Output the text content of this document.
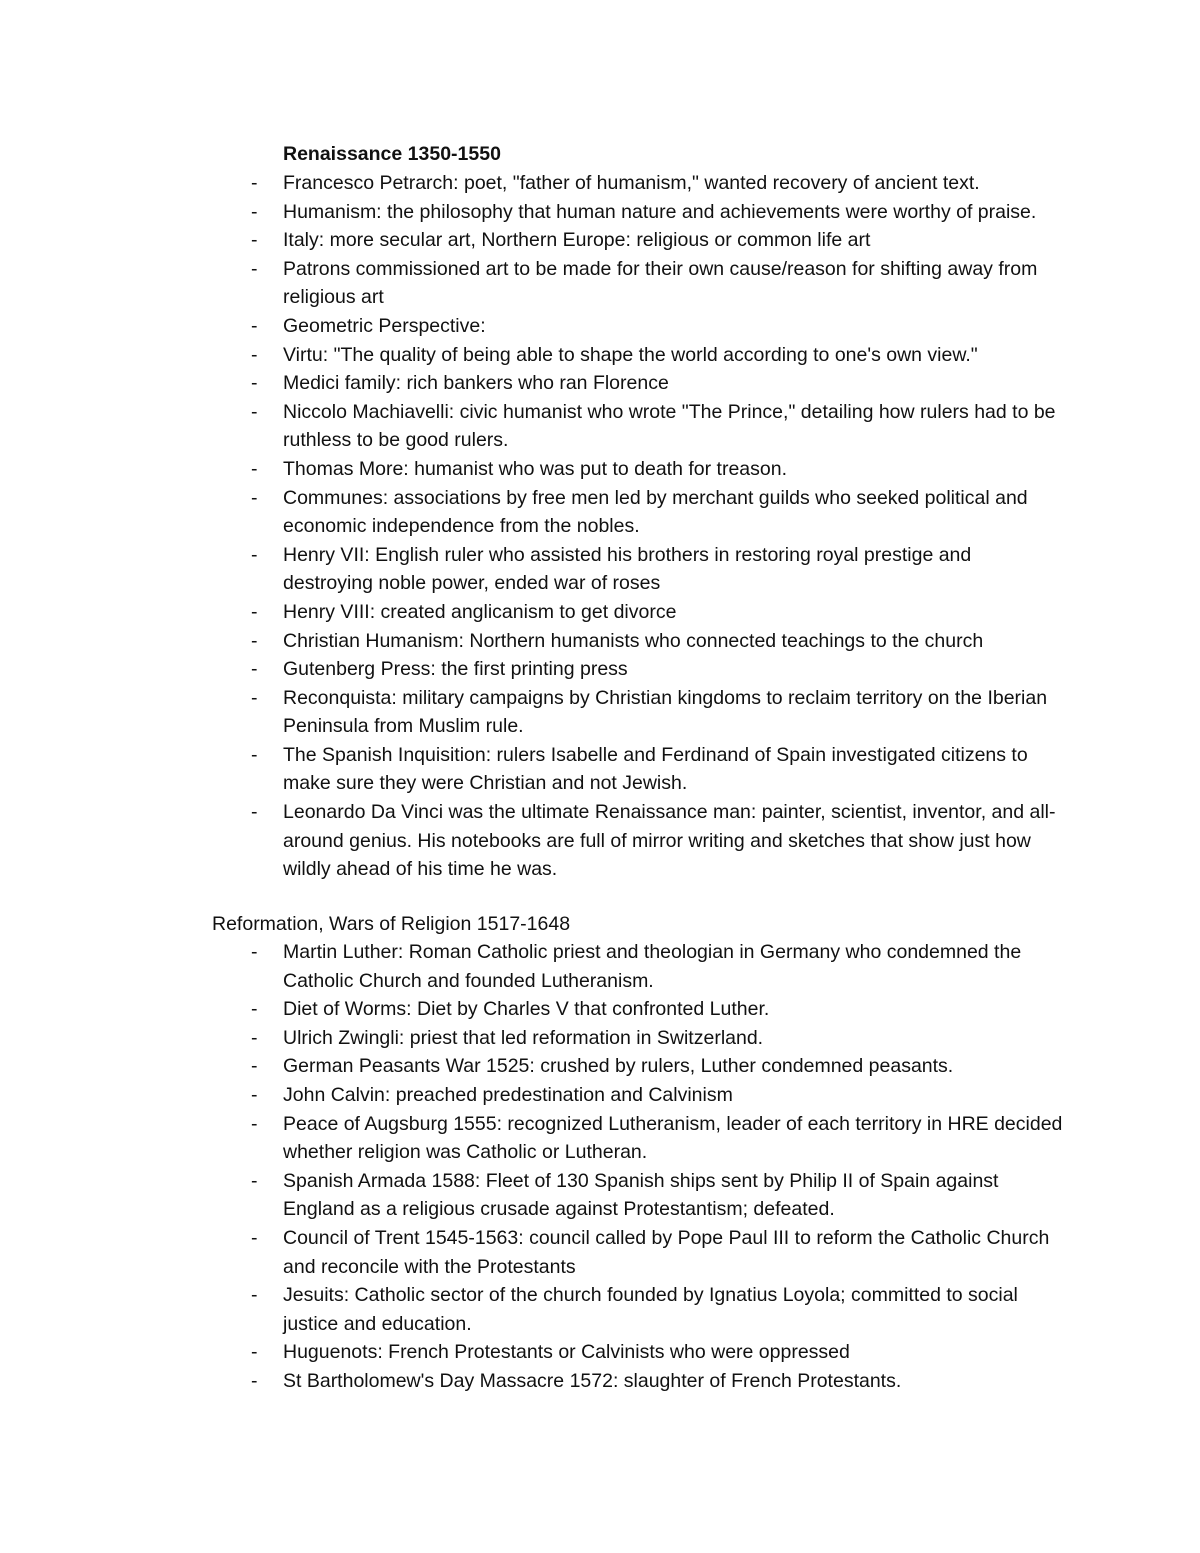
Renaissance 1350-1550
- Francesco Petrarch: poet, "father of humanism," wanted recovery of ancient text.
- Humanism: the philosophy that human nature and achievements were worthy of praise.
- Italy: more secular art, Northern Europe: religious or common life art
- Patrons commissioned art to be made for their own cause/reason for shifting away from religious art
- Geometric Perspective:
- Virtu: "The quality of being able to shape the world according to one's own view."
- Medici family: rich bankers who ran Florence
- Niccolo Machiavelli: civic humanist who wrote "The Prince," detailing how rulers had to be ruthless to be good rulers.
- Thomas More: humanist who was put to death for treason.
- Communes: associations by free men led by merchant guilds who seeked political and economic independence from the nobles.
- Henry VII: English ruler who assisted his brothers in restoring royal prestige and destroying noble power, ended war of roses
- Henry VIII: created anglicanism to get divorce
- Christian Humanism: Northern humanists who connected teachings to the church
- Gutenberg Press: the first printing press
- Reconquista: military campaigns by Christian kingdoms to reclaim territory on the Iberian Peninsula from Muslim rule.
- The Spanish Inquisition: rulers Isabelle and Ferdinand of Spain investigated citizens to make sure they were Christian and not Jewish.
- Leonardo Da Vinci was the ultimate Renaissance man: painter, scientist, inventor, and all-around genius. His notebooks are full of mirror writing and sketches that show just how wildly ahead of his time he was.
Reformation, Wars of Religion 1517-1648
- Martin Luther: Roman Catholic priest and theologian in Germany who condemned the Catholic Church and founded Lutheranism.
- Diet of Worms: Diet by Charles V that confronted Luther.
- Ulrich Zwingli: priest that led reformation in Switzerland.
- German Peasants War 1525: crushed by rulers, Luther condemned peasants.
- John Calvin: preached predestination and Calvinism
- Peace of Augsburg 1555: recognized Lutheranism, leader of each territory in HRE decided whether religion was Catholic or Lutheran.
- Spanish Armada 1588: Fleet of 130 Spanish ships sent by Philip II of Spain against England as a religious crusade against Protestantism; defeated.
- Council of Trent 1545-1563: council called by Pope Paul III to reform the Catholic Church and reconcile with the Protestants
- Jesuits: Catholic sector of the church founded by Ignatius Loyola; committed to social justice and education.
- Huguenots: French Protestants or Calvinists who were oppressed
- St Bartholomew's Day Massacre 1572: slaughter of French Protestants.
